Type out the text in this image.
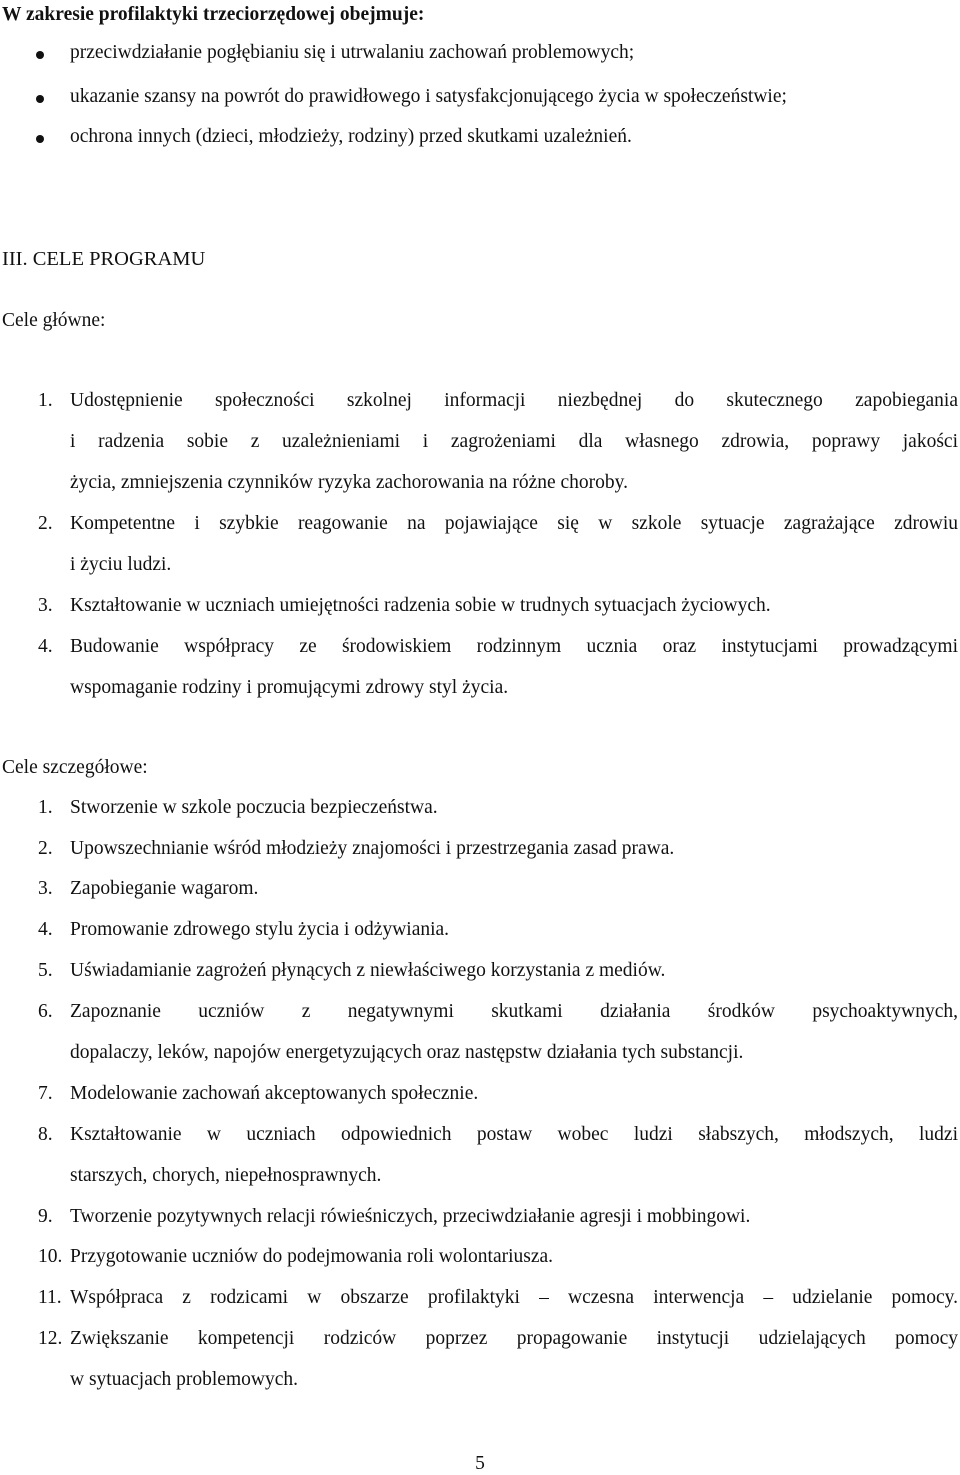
W zakresie profilaktyki trzeciorzędowej obejmuje:
przeciwdziałanie pogłębianiu się i utrwalaniu zachowań problemowych;
ukazanie szansy na powrót do prawidłowego i satysfakcjonującego życia w społeczeństwie;
ochrona innych (dzieci, młodzieży, rodziny) przed skutkami uzależnień.
III. CELE PROGRAMU
Cele główne:
1. Udostępnienie społeczności szkolnej informacji niezbędnej do skutecznego zapobiegania
i radzenia sobie z uzależnieniami i zagrożeniami dla własnego zdrowia, poprawy jakości
życia, zmniejszenia czynników ryzyka zachorowania na różne choroby.
2. Kompetentne i szybkie reagowanie na pojawiające się w szkole sytuacje zagrażające zdrowiu
i życiu ludzi.
3. Kształtowanie w uczniach umiejętności radzenia sobie w trudnych sytuacjach życiowych.
4. Budowanie współpracy ze środowiskiem rodzinnym ucznia oraz instytucjami prowadzącymi
wspomaganie rodziny i promującymi zdrowy styl życia.
Cele szczegółowe:
1. Stworzenie w szkole poczucia bezpieczeństwa.
2. Upowszechnianie wśród młodzieży znajomości i przestrzegania zasad prawa.
3. Zapobieganie wagarom.
4. Promowanie zdrowego stylu życia i odżywiania.
5. Uświadamianie zagrożeń płynących z niewłaściwego korzystania z mediów.
6. Zapoznanie uczniów z negatywnymi skutkami działania środków psychoaktywnych,
dopalaczy, leków, napojów energetyzujących oraz następstw działania tych substancji.
7. Modelowanie zachowań akceptowanych społecznie.
8. Kształtowanie w uczniach odpowiednich postaw wobec ludzi słabszych, młodszych, ludzi
starszych, chorych, niepełnosprawnych.
9. Tworzenie pozytywnych relacji rówieśniczych, przeciwdziałanie agresji i mobbingowi.
10. Przygotowanie uczniów do podejmowania roli wolontariusza.
11. Współpraca z rodzicami w obszarze profilaktyki – wczesna interwencja – udzielanie pomocy.
12. Zwiększanie kompetencji rodziców poprzez propagowanie instytucji udzielających pomocy
w sytuacjach problemowych.
5
